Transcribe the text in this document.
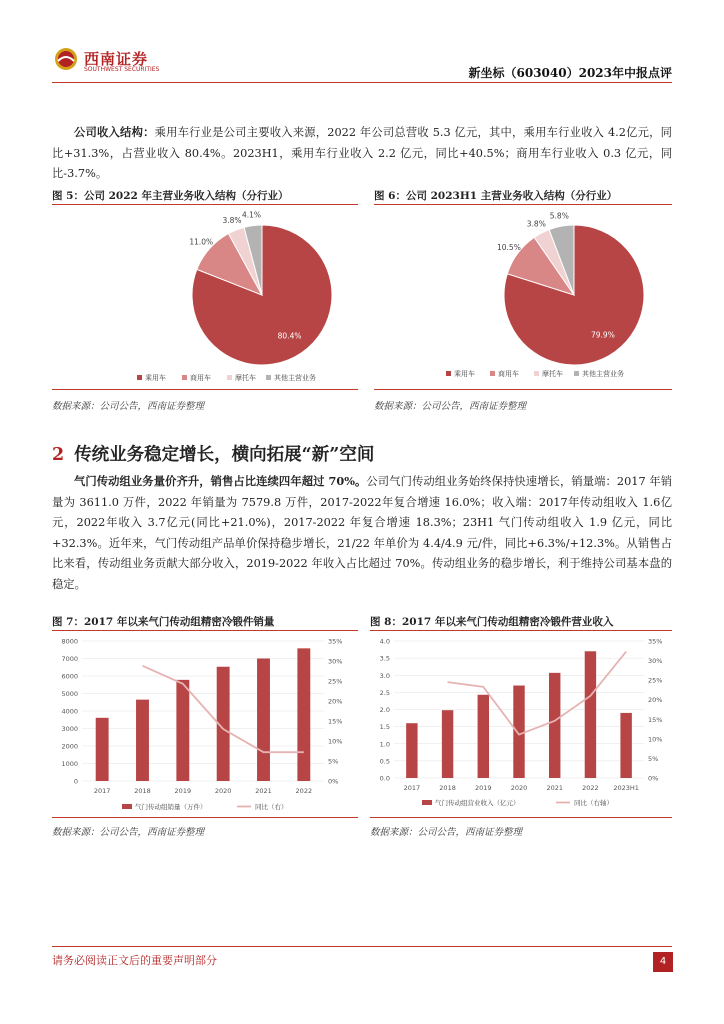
西南证券
SOUTHWEST SECURITIES	新坐标（603040）2023年中报点评
公司收入结构：乘用车行业是公司主要收入来源，2022 年公司总营收 5.3 亿元，其中，乘用车行业收入 4.2亿元，同比+31.3%，占营业收入 80.4%。2023H1，乘用车行业收入 2.2 亿元，同比+40.5%；商用车行业收入 0.3 亿元，同比-3.7%。
图 5：公司 2022 年主营业务收入结构（分行业）
80.4%
11.0%
3.8%
4.1%
乘用车	商用车	摩托车	其他主营业务
数据来源：公司公告，西南证券整理
图 6：公司 2023H1 主营业务收入结构（分行业）
79.9%
10.5%
3.8%
5.8%
乘用车	商用车	摩托车	其他主营业务
数据来源：公司公告，西南证券整理
2 传统业务稳定增长，横向拓展“新”空间
气门传动组业务量价齐升，销售占比连续四年超过 70%。公司气门传动组业务始终保持快速增长，销量端：2017 年销量为 3611.0 万件，2022 年销量为 7579.8 万件，2017-2022年复合增速 16.0%；收入端：2017年传动组收入 1.6亿元，2022年收入 3.7亿元(同比+21.0%)，2017-2022 年复合增速 18.3%；23H1 气门传动组收入 1.9 亿元，同比+32.3%。近年来，气门传动组产品单价保持稳步增长，21/22 年单价为 4.4/4.9 元/件，同比+6.3%/+12.3%。从销售占比来看，传动组业务贡献大部分收入，2019-2022 年收入占比超过 70%。传动组业务的稳步增长，利于维持公司基本盘的稳定。
图 7：2017 年以来气门传动组精密冷锻件销量
0
1000
2000
3000
4000
5000
6000
7000
8000
0%
5%
10%
15%
20%
25%
30%
35%
2017	2018	2019	2020	2021	2022
气门传动组销量（万件）	同比（右）
数据来源：公司公告，西南证券整理
图 8：2017 年以来气门传动组精密冷锻件营业收入
0.0
0.5
1.0
1.5
2.0
2.5
3.0
3.5
4.0
0%
5%
10%
15%
20%
25%
30%
35%
2017	2018	2019	2020	2021	2022 2023H1
气门传动组营业收入（亿元）	同比（右轴）
数据来源：公司公告，西南证券整理
请务必阅读正文后的重要声明部分	4
